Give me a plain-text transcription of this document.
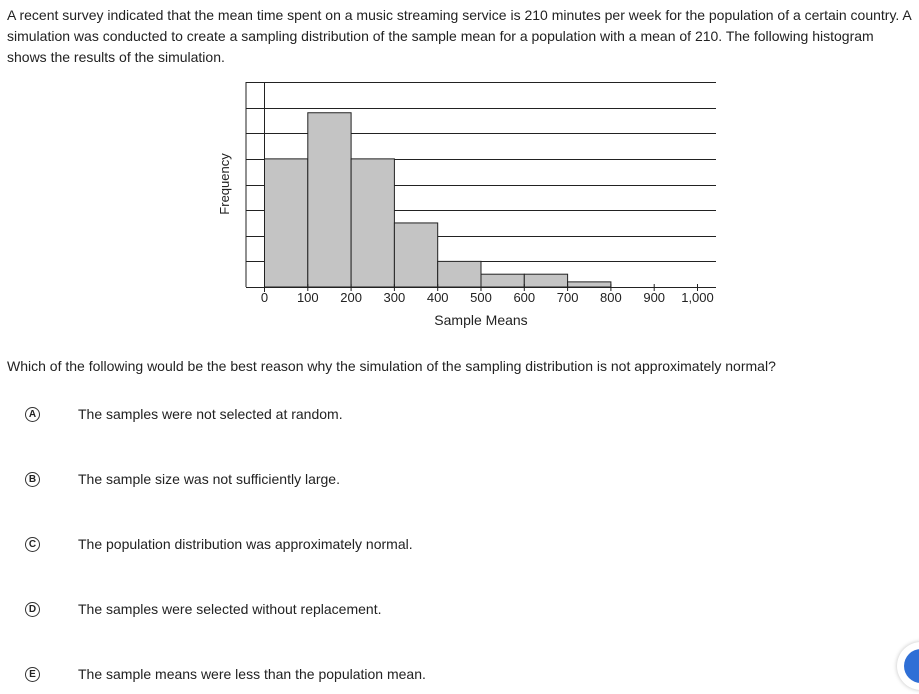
A recent survey indicated that the mean time spent on a music streaming service is 210 minutes per week for the population of a certain country. A simulation was conducted to create a sampling distribution of the sample mean for a population with a mean of 210. The following histogram shows the results of the simulation.

0 100 200 300 400 500 600 700 800 900 1,000
Sample Means
Frequency

Which of the following would be the best reason why the simulation of the sampling distribution is not approximately normal?

A	The samples were not selected at random.
B	The sample size was not sufficiently large.
C	The population distribution was approximately normal.
D	The samples were selected without replacement.
E	The sample means were less than the population mean.
